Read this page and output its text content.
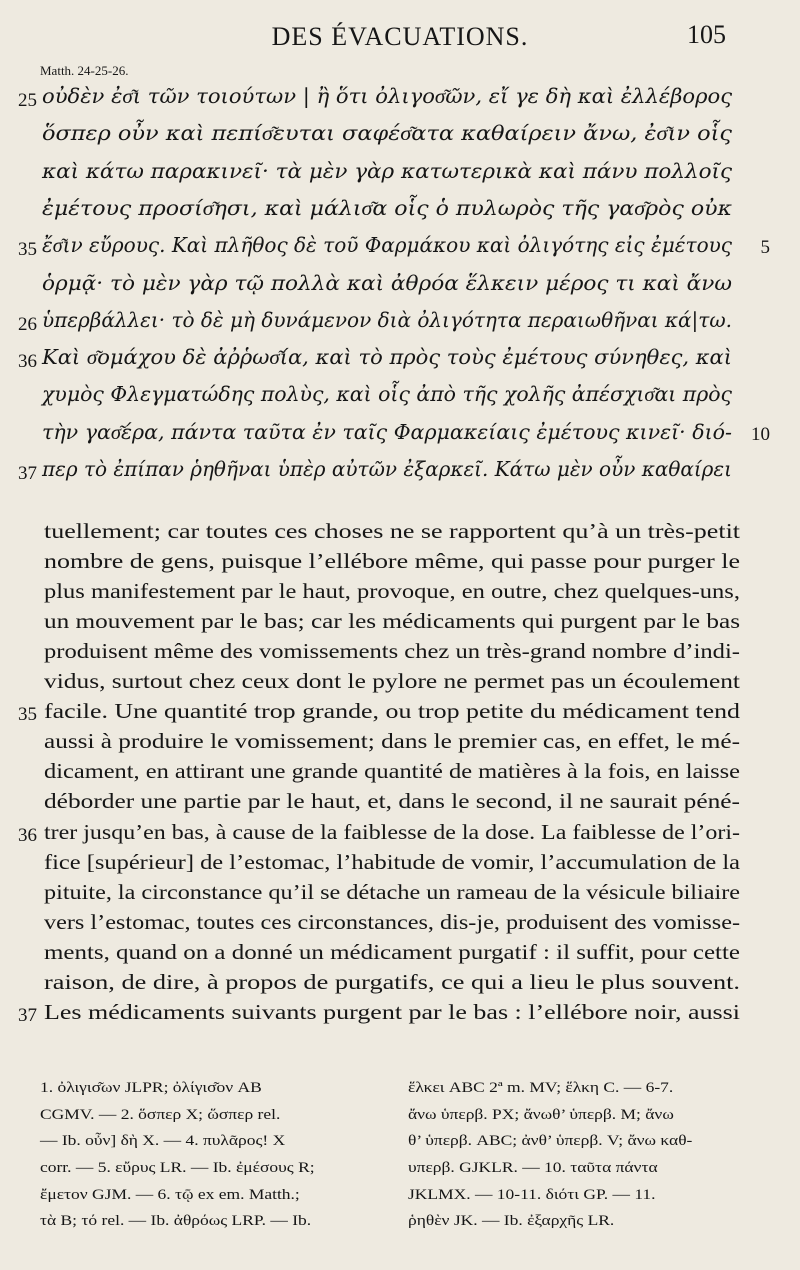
DES ÉVACUATIONS.	105
Matth. 24-25-26.
οὐδὲν ἐσ͂ι τῶν τοιούτων | ἢ ὅτι ὀλιγοσ͂ῶν, εἴ γε δὴ καὶ ἐλλέβορος
25
ὅσπερ οὖν καὶ πεπίσ͂ευται σαφέσ͂ατα καθαίρειν ἄνω, ἐσ͂ιν οἷς
καὶ κάτω παρακινεῖ· τὰ μὲν γὰρ κατωτερικὰ καὶ πάνυ πολλοῖς
ἐμέτους προσίσ͂ησι, καὶ μάλισ͂α οἷς ὁ πυλωρὸς τῆς γασ͂ρὸς οὐκ
ἔσ͂ιν εὔρους. Καὶ πλῆθος δὲ τοῦ Φαρμάκου καὶ ὀλιγότης εἰς ἐμέτους
35	5
ὁρμᾷ· τὸ μὲν γὰρ τῷ πολλὰ καὶ ἀθρόα ἕλκειν μέρος τι καὶ ἄνω
ὑπερβάλλει· τὸ δὲ μὴ δυνάμενον διὰ ὀλιγότητα περαιωθῆναι κά|τω.
26
Καὶ σ͂ομάχου δὲ ἀῤῥωσ͂ία, καὶ τὸ πρὸς τοὺς ἐμέτους σύνηθες, καὶ
36
χυμὸς Φλεγματώδης πολὺς, καὶ οἷς ἀπὸ τῆς χολῆς ἀπέσχισ͂αι πρὸς
τὴν γασ͂έρα, πάντα ταῦτα ἐν ταῖς Φαρμακείαις ἐμέτους κινεῖ· διό- 10
περ τὸ ἐπίπαν ῥηθῆναι ὑπὲρ αὐτῶν ἐξαρκεῖ. Κάτω μὲν οὖν καθαίρει
37
tuellement; car toutes ces choses ne se rapportent qu’à un très-petit
nombre de gens, puisque l’ellébore même, qui passe pour purger le
plus manifestement par le haut, provoque, en outre, chez quelques-uns,
un mouvement par le bas; car les médicaments qui purgent par le bas
produisent même des vomissements chez un très-grand nombre d’indi-
vidus, surtout chez ceux dont le pylore ne permet pas un écoulement
facile. Une quantité trop grande, ou trop petite du médicament tend
35
aussi à produire le vomissement; dans le premier cas, en effet, le mé-
dicament, en attirant une grande quantité de matières à la fois, en laisse
déborder une partie par le haut, et, dans le second, il ne saurait péné-
trer jusqu’en bas, à cause de la faiblesse de la dose. La faiblesse de l’ori-
36
fice [supérieur] de l’estomac, l’habitude de vomir, l’accumulation de la
pituite, la circonstance qu’il se détache un rameau de la vésicule biliaire
vers l’estomac, toutes ces circonstances, dis-je, produisent des vomisse-
ments, quand on a donné un médicament purgatif : il suffit, pour cette
raison, de dire, à propos de purgatifs, ce qui a lieu le plus souvent.
Les médicaments suivants purgent par le bas : l’ellébore noir, aussi
37
1. ὀλιγισ͂ων JLPR; ὀλίγισ͂ον AB
CGMV. — 2. ὅσπερ X; ὥσπερ rel.
— Ib. οὖν] δὴ X. — 4. πυλᾶρος! X
corr. — 5. εὔρυς LR. — Ib. ἐμέσους R;
ἔμετον GJM. — 6. τῷ ex em. Matth.;
τὰ B; τό rel. — Ib. ἀθρόως LRP. — Ib.
ἕλκει ABC 2ª m. MV; ἕλκη C. — 6-7.
ἄνω ὑπερβ. PX; ἄνωθ’ ὑπερβ. M; ἄνω
θ’ ὑπερβ. ABC; ἀνθ’ ὑπερβ. V; ἄνω καθ-
υπερβ. GJKLR. — 10. ταῦτα πάντα
JKLMX. — 10-11. διότι GP. — 11.
ῥηθὲν JK. — Ib. ἐξαρχῆς LR.
